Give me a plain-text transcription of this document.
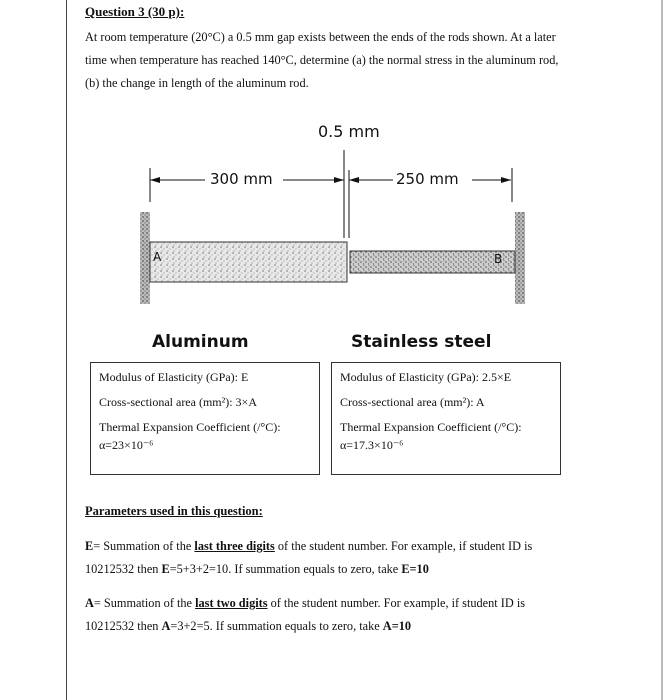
Question 3 (30 p):
At room temperature (20°C) a 0.5 mm gap exists between the ends of the rods shown. At a later
time when temperature has reached 140°C, determine (a) the normal stress in the aluminum rod,
(b) the change in length of the aluminum rod.
0.5 mm
300 mm	250 mm
A	B
Aluminum	Stainless steel
Modulus of Elasticity (GPa): E
Cross-sectional area (mm²): 3×A
Thermal Expansion Coefficient (/°C):
α=23×10⁻⁶
Modulus of Elasticity (GPa): 2.5×E
Cross-sectional area (mm²): A
Thermal Expansion Coefficient (/°C):
α=17.3×10⁻⁶
Parameters used in this question:
E= Summation of the last three digits of the student number. For example, if student ID is
10212532 then E=5+3+2=10. If summation equals to zero, take E=10
A= Summation of the last two digits of the student number. For example, if student ID is
10212532 then A=3+2=5. If summation equals to zero, take A=10
